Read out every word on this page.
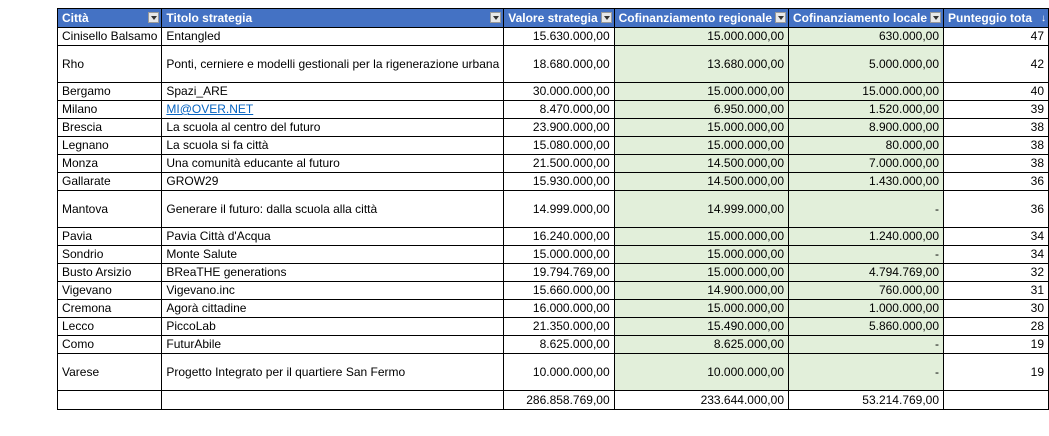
Città	Titolo strategia	Valore strategia	Cofinanziamento regionale	Cofinanziamento locale	Punteggio tota ↓

Cinisello Balsamo	Entangled	15.630.000,00	15.000.000,00	630.000,00	47
Rho	Ponti, cerniere e modelli gestionali per la rigenerazione urbana	18.680.000,00	13.680.000,00	5.000.000,00	42
Bergamo	Spazi_ARE	30.000.000,00	15.000.000,00	15.000.000,00	40
Milano	MI@OVER.NET	8.470.000,00	6.950.000,00	1.520.000,00	39
Brescia	La scuola al centro del futuro	23.900.000,00	15.000.000,00	8.900.000,00	38
Legnano	La scuola si fa città	15.080.000,00	15.000.000,00	80.000,00	38
Monza	Una comunità educante al futuro	21.500.000,00	14.500.000,00	7.000.000,00	38
Gallarate	GROW29	15.930.000,00	14.500.000,00	1.430.000,00	36
Mantova	Generare il futuro: dalla scuola alla città	14.999.000,00	14.999.000,00	-	36
Pavia	Pavia Città d'Acqua	16.240.000,00	15.000.000,00	1.240.000,00	34
Sondrio	Monte Salute	15.000.000,00	15.000.000,00	-	34
Busto Arsizio	BReaTHE generations	19.794.769,00	15.000.000,00	4.794.769,00	32
Vigevano	Vigevano.inc	15.660.000,00	14.900.000,00	760.000,00	31
Cremona	Agorà cittadine	16.000.000,00	15.000.000,00	1.000.000,00	30
Lecco	PiccoLab	21.350.000,00	15.490.000,00	5.860.000,00	28
Como	FuturAbile	8.625.000,00	8.625.000,00	-	19
Varese	Progetto Integrato per il quartiere San Fermo	10.000.000,00	10.000.000,00	-	19
		286.858.769,00	233.644.000,00	53.214.769,00	
